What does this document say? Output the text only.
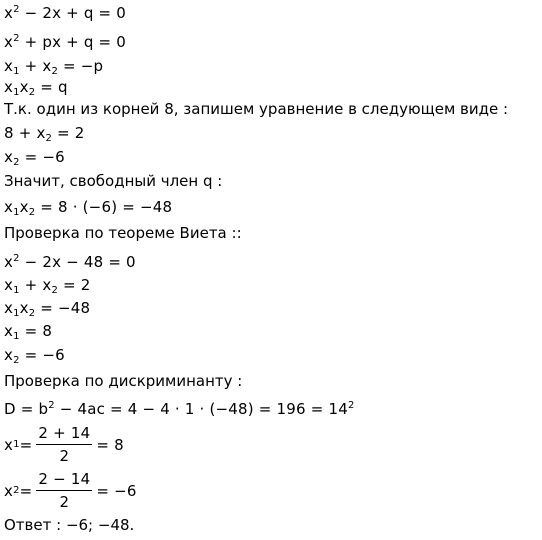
$x^2 - 2x + q = 0$
$x^2$ + px + q = 0
$x_1 + x_2 = -p$
$x_1x_2 = q$
Т.к. один из корней 8, запишем уравнение в следующем виде :
$8 + x_2 = 2$
$x_2 = -6$
Значит, свободный член q :
$x_1x_2 = 8 \cdot (-6) = -48$
Проверка по теореме Виета ::
$x^2 - 2x - 48 = 0$
$x_1 + x_2 = 2$
$x_1x_2 = -48$
$x_1 = 8$
$x_2 = -6$
Проверка по дискриминанту :
$D = b^2 - 4ac = 4 - 4 \cdot 1 \cdot (-48) = 196 = 14^2$
x $1 = \frac{2 + 14}{2} = 8$
x $2 = \frac{2 - 14}{2} = -6$
Ответ : −6; −48.
